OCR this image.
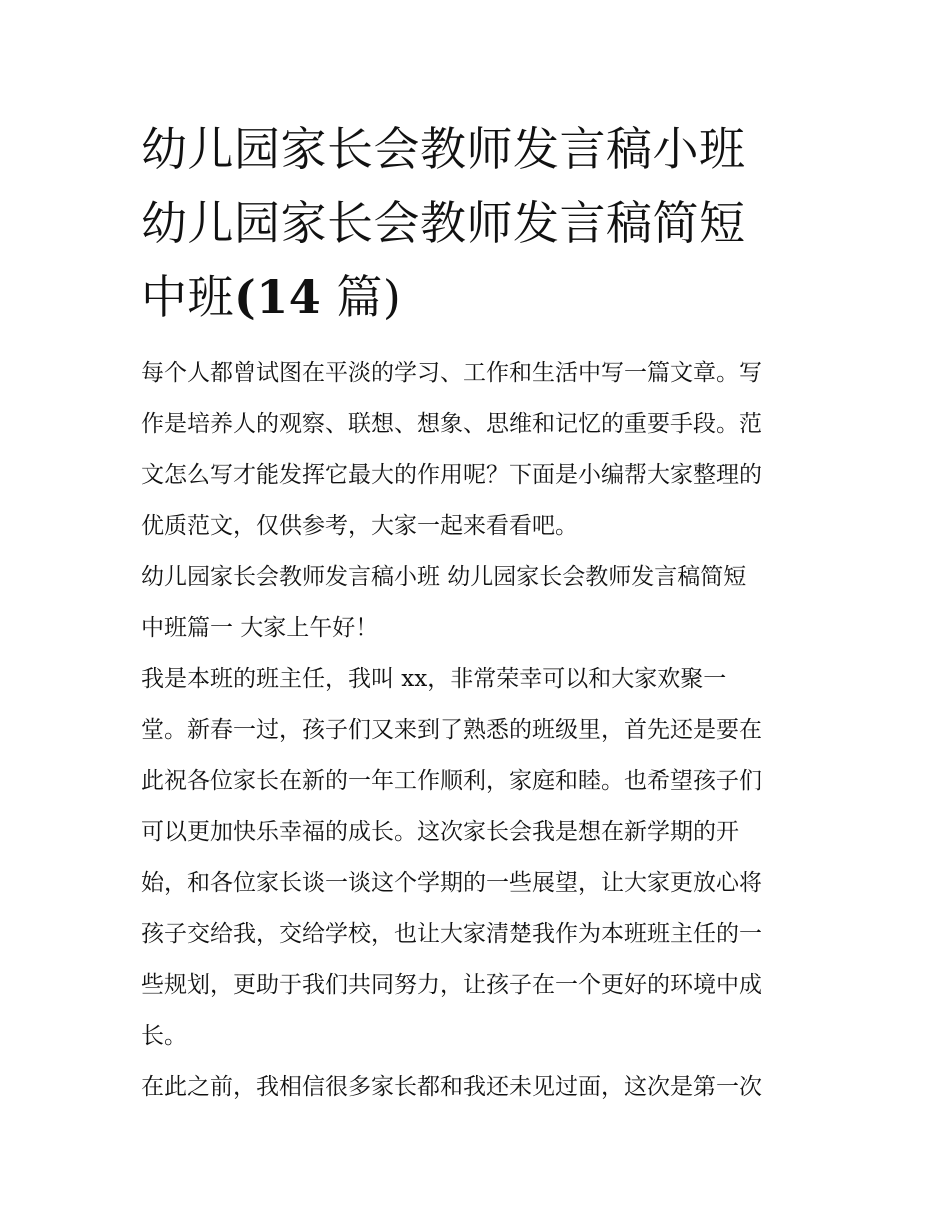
幼儿园家长会教师发言稿小班
幼儿园家长会教师发言稿简短
中班(14 篇)

每个人都曾试图在平淡的学习、工作和生活中写一篇文章。写
作是培养人的观察、联想、想象、思维和记忆的重要手段。范
文怎么写才能发挥它最大的作用呢？下面是小编帮大家整理的
优质范文，仅供参考，大家一起来看看吧。

幼儿园家长会教师发言稿小班 幼儿园家长会教师发言稿简短
中班篇一 大家上午好！

我是本班的班主任，我叫 xx，非常荣幸可以和大家欢聚一
堂。新春一过，孩子们又来到了熟悉的班级里，首先还是要在
此祝各位家长在新的一年工作顺利，家庭和睦。也希望孩子们
可以更加快乐幸福的成长。这次家长会我是想在新学期的开
始，和各位家长谈一谈这个学期的一些展望，让大家更放心将
孩子交给我，交给学校，也让大家清楚我作为本班班主任的一
些规划，更助于我们共同努力，让孩子在一个更好的环境中成
长。

在此之前，我相信很多家长都和我还未见过面，这次是第一次
